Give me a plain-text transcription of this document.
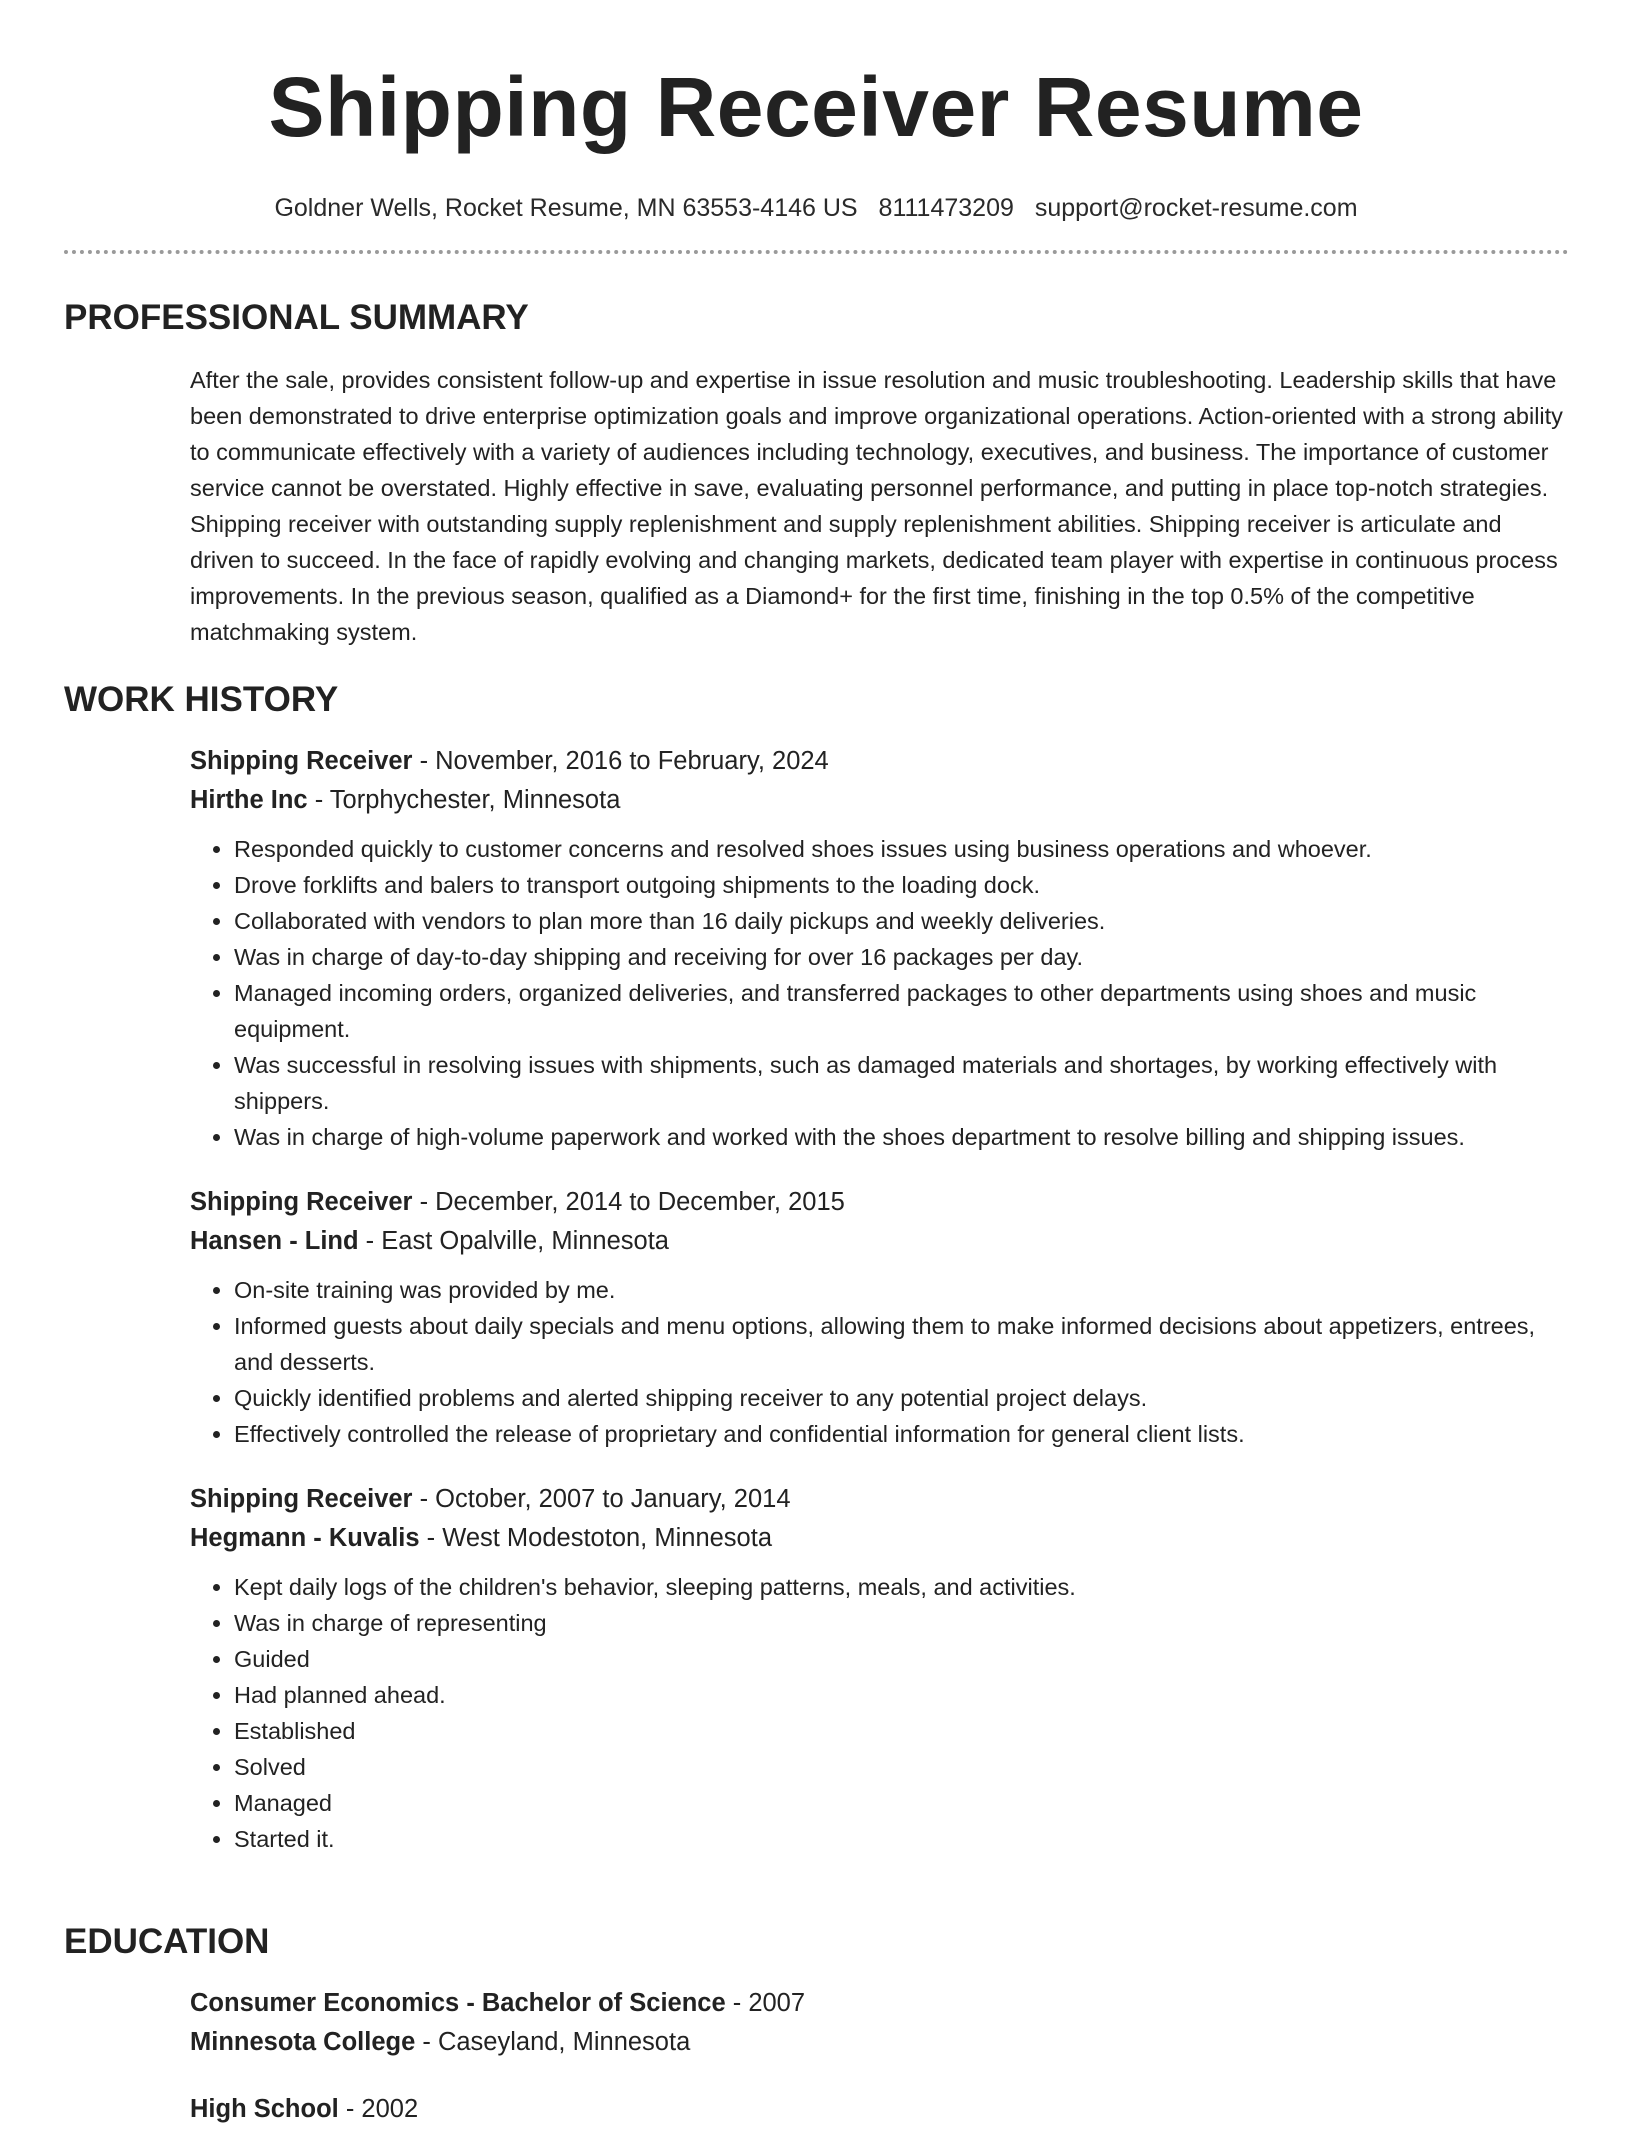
Shipping Receiver Resume
Goldner Wells, Rocket Resume, MN 63553-4146 US 8111473209 support@rocket-resume.com
PROFESSIONAL SUMMARY

After the sale, provides consistent follow-up and expertise in issue resolution and music troubleshooting. Leadership skills that have been demonstrated to drive enterprise optimization goals and improve organizational operations. Action-oriented with a strong ability to communicate effectively with a variety of audiences including technology, executives, and business. The importance of customer service cannot be overstated. Highly effective in save, evaluating personnel performance, and putting in place top-notch strategies. Shipping receiver with outstanding supply replenishment and supply replenishment abilities. Shipping receiver is articulate and driven to succeed. In the face of rapidly evolving and changing markets, dedicated team player with expertise in continuous process improvements. In the previous season, qualified as a Diamond+ for the first time, finishing in the top 0.5% of the competitive matchmaking system.

WORK HISTORY
Shipping Receiver - November, 2016 to February, 2024
Hirthe Inc - Torphychester, Minnesota
• Responded quickly to customer concerns and resolved shoes issues using business operations and whoever.
• Drove forklifts and balers to transport outgoing shipments to the loading dock.
• Collaborated with vendors to plan more than 16 daily pickups and weekly deliveries.
• Was in charge of day-to-day shipping and receiving for over 16 packages per day.
• Managed incoming orders, organized deliveries, and transferred packages to other departments using shoes and music equipment.
• Was successful in resolving issues with shipments, such as damaged materials and shortages, by working effectively with shippers.
• Was in charge of high-volume paperwork and worked with the shoes department to resolve billing and shipping issues.
Shipping Receiver - December, 2014 to December, 2015
Hansen - Lind - East Opalville, Minnesota
• On-site training was provided by me.
• Informed guests about daily specials and menu options, allowing them to make informed decisions about appetizers, entrees, and desserts.
• Quickly identified problems and alerted shipping receiver to any potential project delays.
• Effectively controlled the release of proprietary and confidential information for general client lists.
Shipping Receiver - October, 2007 to January, 2014
Hegmann - Kuvalis - West Modestoton, Minnesota
• Kept daily logs of the children's behavior, sleeping patterns, meals, and activities.
• Was in charge of representing
• Guided
• Had planned ahead.
• Established
• Solved
• Managed
• Started it.
EDUCATION
Consumer Economics - Bachelor of Science - 2007
Minnesota College - Caseyland, Minnesota
High School - 2002
